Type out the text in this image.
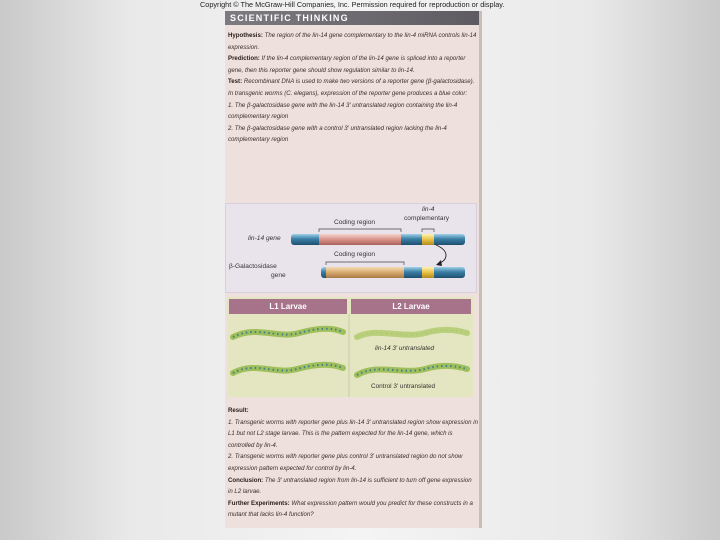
Copyright © The McGraw-Hill Companies, Inc. Permission required for reproduction or display.
SCIENTIFIC THINKING

Hypothesis: The region of the lin-14 gene complementary to the lin-4 miRNA controls lin-14 expression.

Prediction: If the lin-4 complementary region of the lin-14 gene is spliced into a reporter gene, then this reporter gene should show regulation similar to lin-14.

Test: Recombinant DNA is used to make two versions of a reporter gene (β-galactosidase). In transgenic worms (C. elegans), expression of the reporter gene produces a blue color:

1. The β-galactosidase gene with the lin-14 3′ untranslated region containing the lin-4 complementary region

2. The β-galactosidase gene with a control 3′ untranslated region lacking the lin-4 complementary region

lin-4
complementary
Coding region
lin-14 gene
Coding region
β-Galactosidase
gene
L1 Larvae	L2 Larvae
lin-14 3′ untranslated
Control 3′ untranslated

Result:

1. Transgenic worms with reporter gene plus lin-14 3′ untranslated region show expression in L1 but not L2 stage larvae. This is the pattern expected for the lin-14 gene, which is controlled by lin-4.

2. Transgenic worms with reporter gene plus control 3′ untranslated region do not show expression pattern expected for control by lin-4.

Conclusion: The 3′ untranslated region from lin-14 is sufficient to turn off gene expression in L2 larvae.

Further Experiments: What expression pattern would you predict for these constructs in a mutant that lacks lin-4 function?
